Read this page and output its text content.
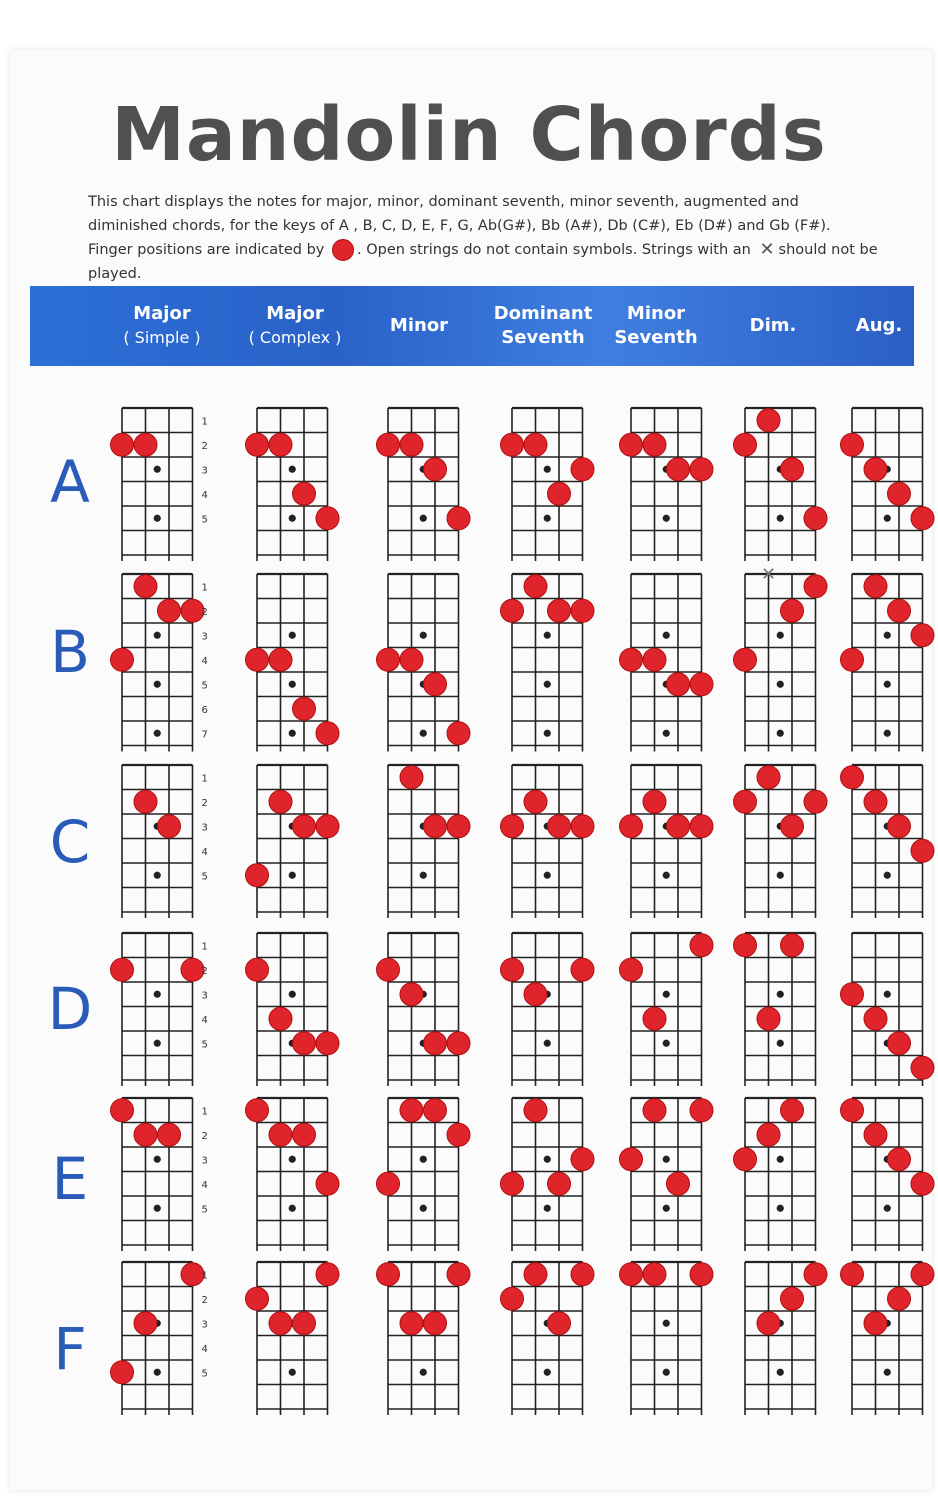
Mandolin Chords

This chart displays the notes for major, minor, dominant seventh, minor seventh, augmented and diminished chords, for the keys of A , B, C, D, E, F, G, Ab(G#), Bb (A#), Db (C#), Eb (D#) and Gb (F#). Finger positions are indicated by . Open strings do not contain symbols. Strings with an ✕ should not be played.

Major
( Simple )
Major
( Complex )
Minor
Dominant Seventh
Minor Seventh
Dim.	Aug.
A
B
C
D
E
F
1
2
3
4
5
1
2
3
4
5
6
7
✕
1
2
3
4
5
1
2
3
4
5
1
2
3
4
5
1
2
3
4
5
